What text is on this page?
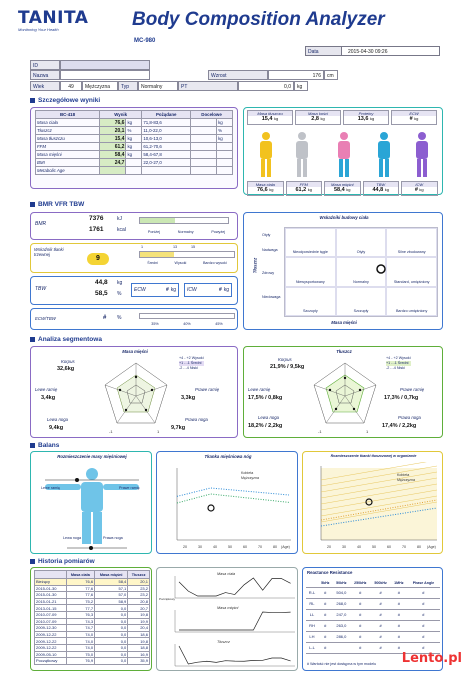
TANITA
Monitoring Your Health	Body Composition Analyzer
MC-980
Data	2015-04-30 09:26
ID
Nazwa	Wzrost	176	cm
Wiek	49	Mężczyzna	Typ	Normalny	PT	0,0	kg
Szczegółowe wyniki
BC-418	Wynik		Pożądane	Docelowe	
Masa ciała	76,6	kg	71,8-83,6		kg
Tłuszcz	20,1	%	11,0-22,0		%
Masa tłuszczu	15,4	kg	10,6-13,0		kg
FFM	61,2	kg	61,2-70,6		
Masa mięśni	58,4	kg	58,4-67,8		
BMI	24,7		22,0-27,0		
Metabolic Age					
Masa tłuszczu
15,4 kg
Masa kości
2,8 kg
Proteiny
13,6 kg
ECW
# kg
Masa ciała
76,6 kg
FFM
61,2 kg
Masa mięśni
58,4 kg
TBW
44,8 kg
ICW
# kg
BMR VFR TBW
BMR
7376	kJ
1761	kcal	Poniżej	Normalny	Powyżej
Wskaźnik tłanki trzewnej
9
1	13	15
Średni	Wysoki	Bardzo wysoki
TBW
44,8 kg
58,5 %
ECW	# kg ICW	# kg
ECW/TBW	# %
35%	40%	45%
Wskaźniki budowy ciała
Tłuszcz
Otyły
Nadwaga
Zdrowy
Niedowaga
Nieodpowiednie tęgie	Otyły	Silne zbudowany
Niewysportowany	Normalny	Standard, umięśniony
Szczupły	Szczupły	Bardzo umięśniony
Masa mięśni
Analiza segmentowa
Masa mięśni
+4 - +2 Wysoki
+1 - -1 Średni
-2 - -4 Niski
Korpus
32,6kg
Lewe ramię
3,4kg
Prawe ramię
3,3kg
Lewa noga
9,4kg
Prawa noga
9,7kg
-1	1
Tłuszcz
+4 - +2 Wysoki
+1 - -1 Średni
-2 - -4 Niski
Korpus
21,9% / 9,5kg
Lewe ramię
17,5% / 0,8kg
Prawe ramię
17,3% / 0,7kg
Lewa noga
18,2% / 2,2kg
Prawa noga
17,4% / 2,2kg
-1	1
Balans
Rozmieszczenie masy mięśniowej
Lewe ramię	Prawe ramię
Lewa noga	Prawa noga
Tkanka mięśniowa nóg
Kobieta
Mężczyzna
20	30	40	50	60	70	80 (Age)
Rozmieszczenie tkanki tłuszczowej w organizmie
Kobieta
Mężczyzna
20	30	40	50	60	70	80 (Age)
Historia pomiarów
	Masa ciała	Masa mięśni	Tłuszcz
Bieżący	76,6	58,4	20,1
2015-01-30	77,6	57,1	23,2
2015-01-30	77,6	57,0	23,2
2015-01-21	75,2	58,9	20,8
2013-01-15	77,7	0,0	20,7
2010-07-09	76,3	0,0	19,8
2010-07-09	74,3	0,0	19,9
2009-12-30	74,7	0,0	20,4
2009-12-22	74,0	0,0	18,6
2009-12-22	74,0	0,0	19,8
2009-12-22	74,0	0,0	18,8
2009-05-10	75,0	0,0	16,9
Początkowy	76,9	0,0	35,9
Masa ciała
Początkowy
Masa mięśni
Tłuszcz
Reactance Resistance
	5kHz	50kHz	250kHz	500kHz	1MHz	Phase Angle
R-L	#	504,0	#	#	#	#
RL	#	268,0	#	#	#	#
LL	#	247,0	#	#	#	#
RH	#	263,0	#	#	#	#
LH	#	286,0	#	#	#	#
L-L	#		#	#	#	#
# Wartość nie jest dostępna w tym modelu Lento.pl
